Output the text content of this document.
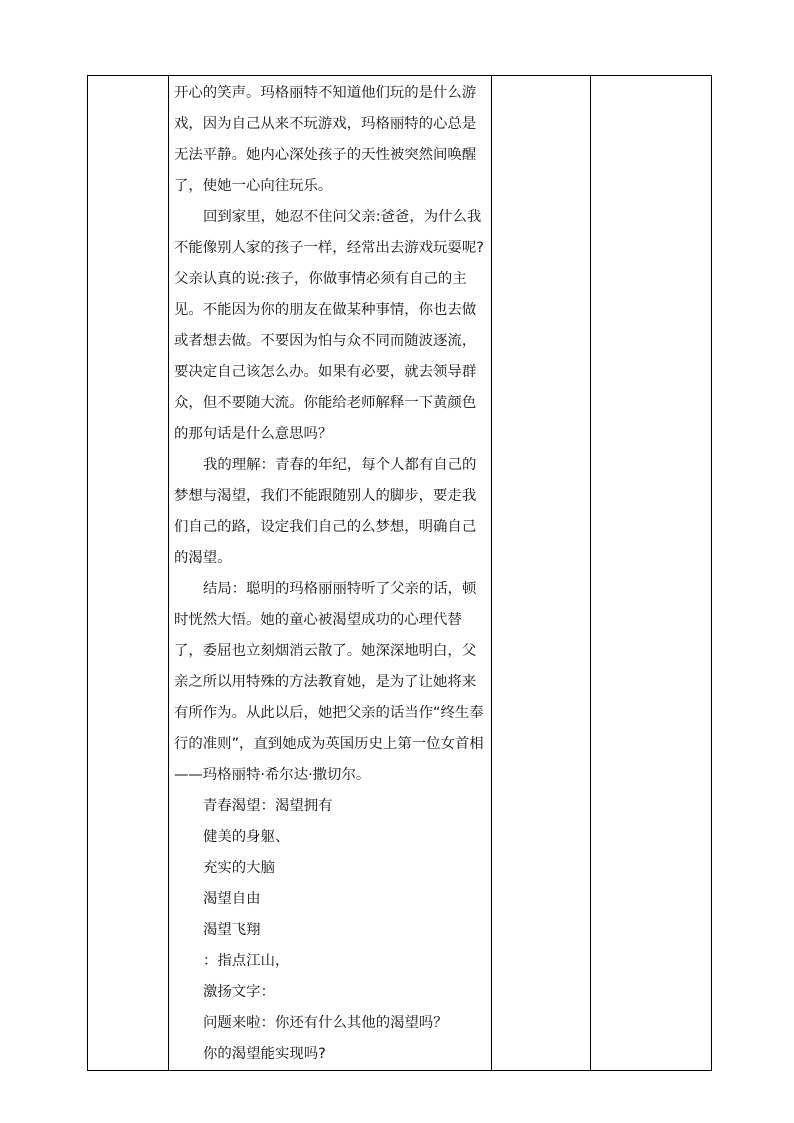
开心的笑声。玛格丽特不知道他们玩的是什么游戏，因为自己从来不玩游戏，玛格丽特的心总是无法平静。她内心深处孩子的天性被突然间唤醒了，使她一心向往玩乐。

回到家里，她忍不住问父亲:爸爸，为什么我不能像别人家的孩子一样，经常出去游戏玩耍呢? 父亲认真的说:孩子，你做事情必须有自己的主见。不能因为你的朋友在做某种事情，你也去做或者想去做。不要因为怕与众不同而随波逐流，要决定自己该怎么办。如果有必要，就去领导群众，但不要随大流。你能给老师解释一下黄颜色的那句话是什么意思吗？

我的理解：青春的年纪，每个人都有自己的梦想与渴望，我们不能跟随别人的脚步，要走我们自己的路，设定我们自己的么梦想，明确自己的渴望。

结局：聪明的玛格丽丽特听了父亲的话，顿时恍然大悟。她的童心被渴望成功的心理代替了，委屈也立刻烟消云散了。她深深地明白，父亲之所以用特殊的方法教育她，是为了让她将来有所作为。从此以后，她把父亲的话当作“终生奉行的准则”，直到她成为英国历史上第一位女首相——玛格丽特·希尔达·撒切尔。

青春渴望：渴望拥有

健美的身躯、

充实的大脑

渴望自由

渴望飞翔

：指点江山，

激扬文字：

问题来啦：你还有什么其他的渴望吗？

你的渴望能实现吗?
